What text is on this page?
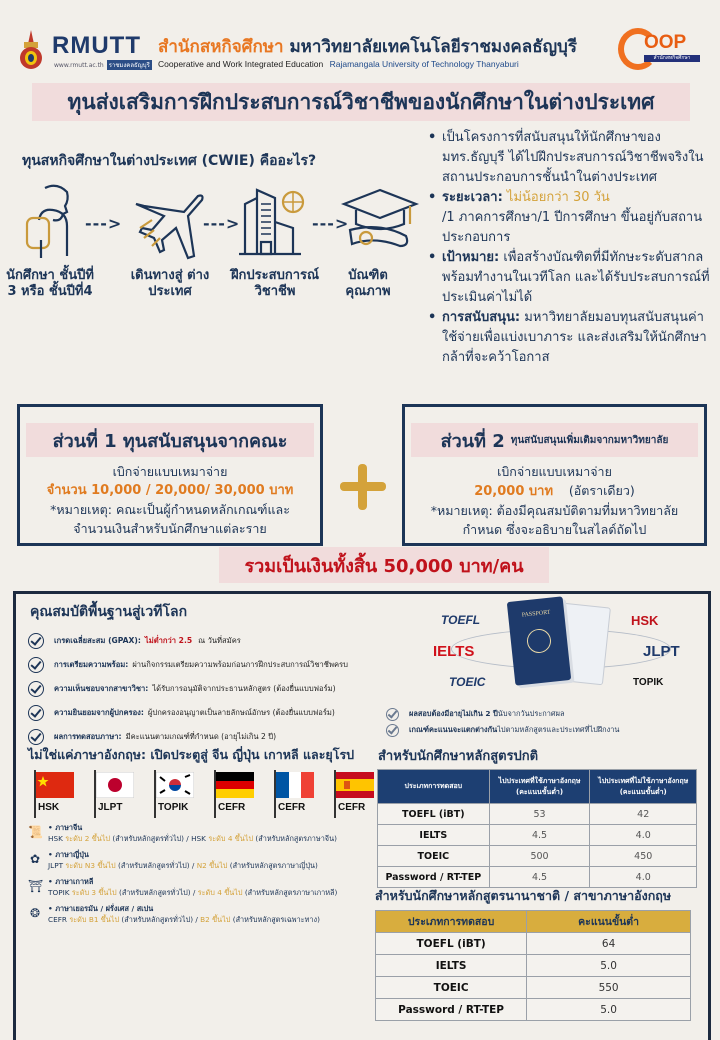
RMUTT
www.rmutt.ac.th ราชมงคลธัญบุรี
สำนักสหกิจศึกษา มหาวิทยาลัยเทคโนโลยีราชมงคลธัญบุรี
Cooperative and Work Integrated Education Rajamangala University of Technology Thanyaburi
OOP
สำนักสหกิจศึกษา
ทุนส่งเสริมการฝึกประสบการณ์วิชาชีพของนักศึกษาในต่างประเทศ
ทุนสหกิจศึกษาในต่างประเทศ (CWIE) คืออะไร?
--->	--->	--->
นักศึกษา ชั้นปีที่ 3 หรือ ชั้นปีที่4
เดินทางสู่ ต่างประเทศ
ฝึกประสบการณ์ วิชาชีพ
บัณฑิต คุณภาพ
• เป็นโครงการที่สนับสนุนให้นักศึกษาของ มทร.ธัญบุรี ได้ไปฝึกประสบการณ์วิชาชีพจริงในสถานประกอบการชั้นนำในต่างประเทศ
• ระยะเวลา: ไม่น้อยกว่า 30 วัน
/1 ภาคการศึกษา/1 ปีการศึกษา ขึ้นอยู่กับสถานประกอบการ
• เป้าหมาย: เพื่อสร้างบัณฑิตที่มีทักษะระดับสากล พร้อมทำงานในเวทีโลก และได้รับประสบการณ์ที่ประเมินค่าไม่ได้
• การสนับสนุน: มหาวิทยาลัยมอบทุนสนับสนุนค่าใช้จ่ายเพื่อแบ่งเบาภาระ และส่งเสริมให้นักศึกษากล้าที่จะคว้าโอกาส
ส่วนที่ 1 ทุนสนับสนุนจากคณะ
เบิกจ่ายแบบเหมาจ่าย
จำนวน 10,000 / 20,000/ 30,000 บาท
*หมายเหตุ: คณะเป็นผู้กำหนดหลักเกณฑ์และ
จำนวนเงินสำหรับนักศึกษาแต่ละราย
ส่วนที่ 2 ทุนสนับสนุนเพิ่มเติมจากมหาวิทยาลัย
เบิกจ่ายแบบเหมาจ่าย
20,000 บาท (อัตราเดียว)
*หมายเหตุ: ต้องมีคุณสมบัติตามที่มหาวิทยาลัย
กำหนด ซึ่งจะอธิบายในสไลด์ถัดไป
รวมเป็นเงินทั้งสิ้น 50,000 บาท/คน
คุณสมบัติพื้นฐานสู่เวทีโลก
เกรดเฉลี่ยสะสม (GPAX): ไม่ต่ำกว่า 2.5 ณ วันที่สมัคร
การเตรียมความพร้อม: ผ่านกิจกรรมเตรียมความพร้อมก่อนการฝึกประสบการณ์วิชาชีพครบ
ความเห็นชอบจากสาขาวิชา: ได้รับการอนุมัติจากประธานหลักสูตร (ต้องยื่นแบบฟอร์ม)
ความยินยอมจากผู้ปกครอง: ผู้ปกครองอนุญาตเป็นลายลักษณ์อักษร (ต้องยื่นแบบฟอร์ม)
ผลการทดสอบภาษา: มีคะแนนตามเกณฑ์ที่กำหนด (อายุไม่เกิน 2 ปี)
ไม่ใช่แค่ภาษาอังกฤษ: เปิดประตูสู่ จีน ญี่ปุ่น เกาหลี และยุโรป
HSK	JLPT	TOPIK	CEFR	CEFR	CEFR
📜 • ภาษาจีน
HSK ระดับ 2 ขึ้นไป (สำหรับหลักสูตรทั่วไป) / HSK ระดับ 4 ขึ้นไป (สำหรับหลักสูตรภาษาจีน)
✿ • ภาษาญี่ปุ่น
JLPT ระดับ N3 ขึ้นไป (สำหรับหลักสูตรทั่วไป) / N2 ขึ้นไป (สำหรับหลักสูตรภาษาญี่ปุ่น)
⛩ • ภาษาเกาหลี
TOPIK ระดับ 3 ขึ้นไป (สำหรับหลักสูตรทั่วไป) / ระดับ 4 ขึ้นไป (สำหรับหลักสูตรภาษาเกาหลี)
❂ • ภาษาเยอรมัน / ฝรั่งเศส / สเปน
CEFR ระดับ B1 ขึ้นไป (สำหรับหลักสูตรทั่วไป) / B2 ขึ้นไป (สำหรับหลักสูตรเฉพาะทาง)
PASSPORT
TOEFL
IELTS
TOEIC
HSK
JLPT
TOPIK
ผลสอบต้องมีอายุไม่เกิน 2 ปี นับจากวันประกาศผล
เกณฑ์คะแนนจะแตกต่างกัน ไปตามหลักสูตรและประเทศที่ไปฝึกงาน
สำหรับนักศึกษาหลักสูตรปกติ
ประเภทการทดสอบ	ไปประเทศที่ใช้ภาษาอังกฤษ (คะแนนขั้นต่ำ)	ไปประเทศที่ไม่ใช้ภาษาอังกฤษ (คะแนนขั้นต่ำ)
TOEFL (iBT)	53	42
IELTS	4.5	4.0
TOEIC	500	450
Password / RT-TEP	4.5	4.0
สำหรับนักศึกษาหลักสูตรนานาชาติ / สาขาภาษาอังกฤษ
ประเภทการทดสอบ	คะแนนขั้นต่ำ
TOEFL (iBT)	64
IELTS	5.0
TOEIC	550
Password / RT-TEP	5.0
